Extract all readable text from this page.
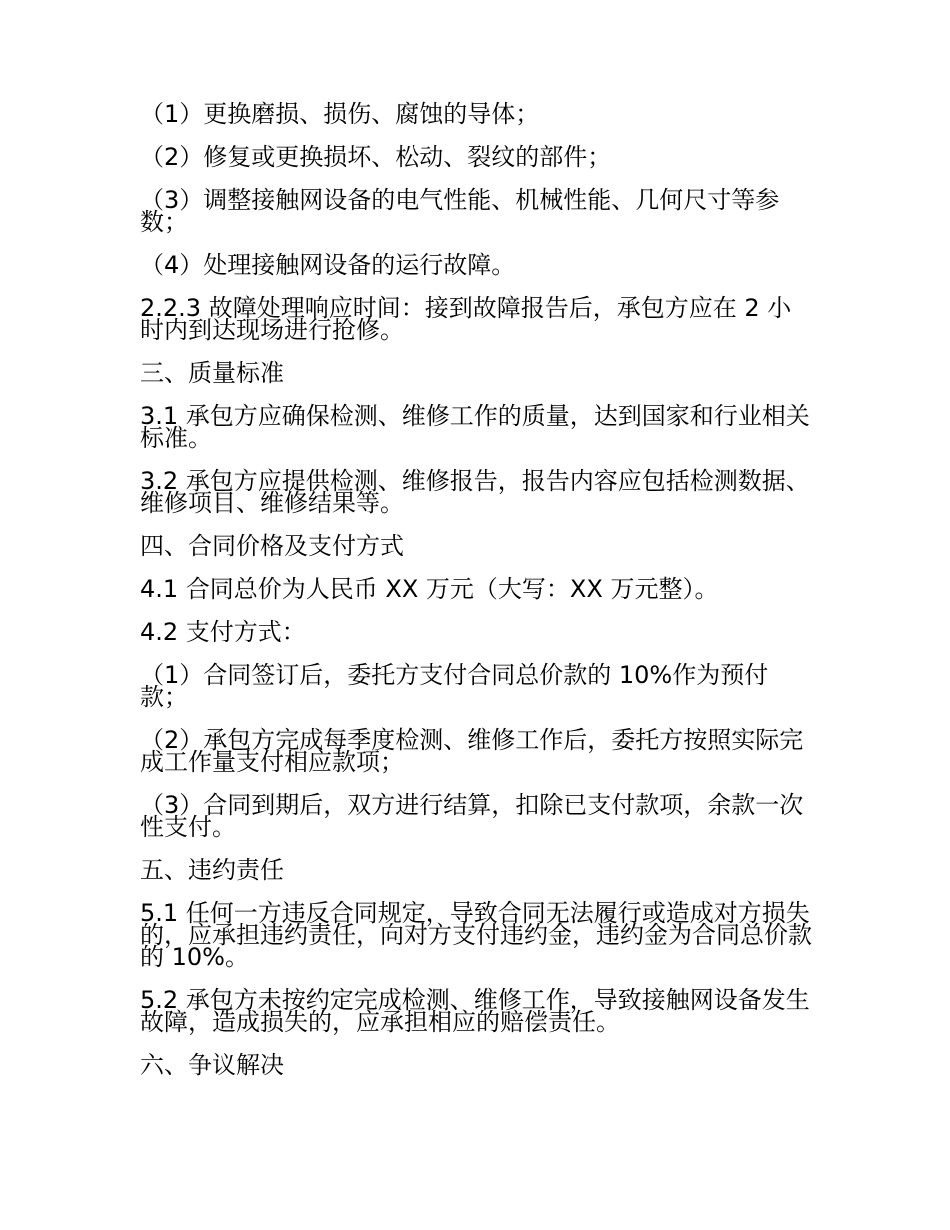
（1）更换磨损、损伤、腐蚀的导体；

（2）修复或更换损坏、松动、裂纹的部件；

（3）调整接触网设备的电气性能、机械性能、几何尺寸等参数；

（4）处理接触网设备的运行故障。

2.2.3 故障处理响应时间：接到故障报告后，承包方应在 2 小时内到达现场进行抢修。

三、质量标准

3.1 承包方应确保检测、维修工作的质量，达到国家和行业相关标准。

3.2 承包方应提供检测、维修报告，报告内容应包括检测数据、维修项目、维修结果等。

四、合同价格及支付方式

4.1 合同总价为人民币 XX 万元（大写：XX 万元整）。

4.2 支付方式：

（1）合同签订后，委托方支付合同总价款的 10%作为预付款；

（2）承包方完成每季度检测、维修工作后，委托方按照实际完成工作量支付相应款项；

（3）合同到期后，双方进行结算，扣除已支付款项，余款一次性支付。

五、违约责任

5.1 任何一方违反合同规定，导致合同无法履行或造成对方损失的，应承担违约责任，向对方支付违约金，违约金为合同总价款的 10%。

5.2 承包方未按约定完成检测、维修工作，导致接触网设备发生故障，造成损失的，应承担相应的赔偿责任。

六、争议解决
